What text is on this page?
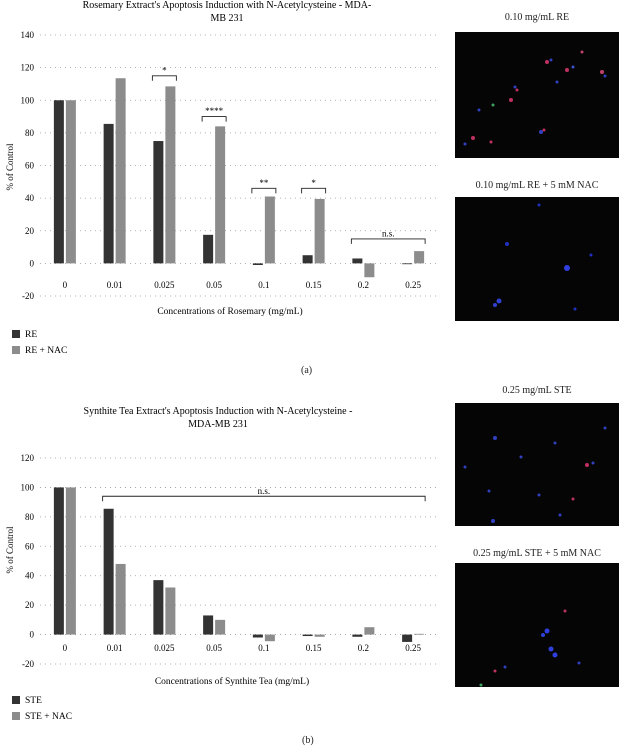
Rosemary Extract's Apoptosis Induction with N-Acetylcysteine - MDA-
MB 231
% of Control
Concentrations of Rosemary (mg/mL)
-20
0
20
40
60
80
100
120
140
0	0.01	0.025	0.05	0.1	0.15	0.2	0.25
*
****
**	*
n.s.
RE
RE + NAC
(a)
Synthite Tea Extract's Apoptosis Induction with N-Acetylcysteine -
MDA-MB 231
% of Control
Concentrations of Synthite Tea (mg/mL)
-20
0
20
40
60
80
100
120
0	0.01	0.025	0.05	0.1	0.15	0.2	0.25
n.s.
STE
STE + NAC
(b)
0.10 mg/mL RE
0.10 mg/mL RE + 5 mM NAC
0.25 mg/mL STE
0.25 mg/mL STE + 5 mM NAC
